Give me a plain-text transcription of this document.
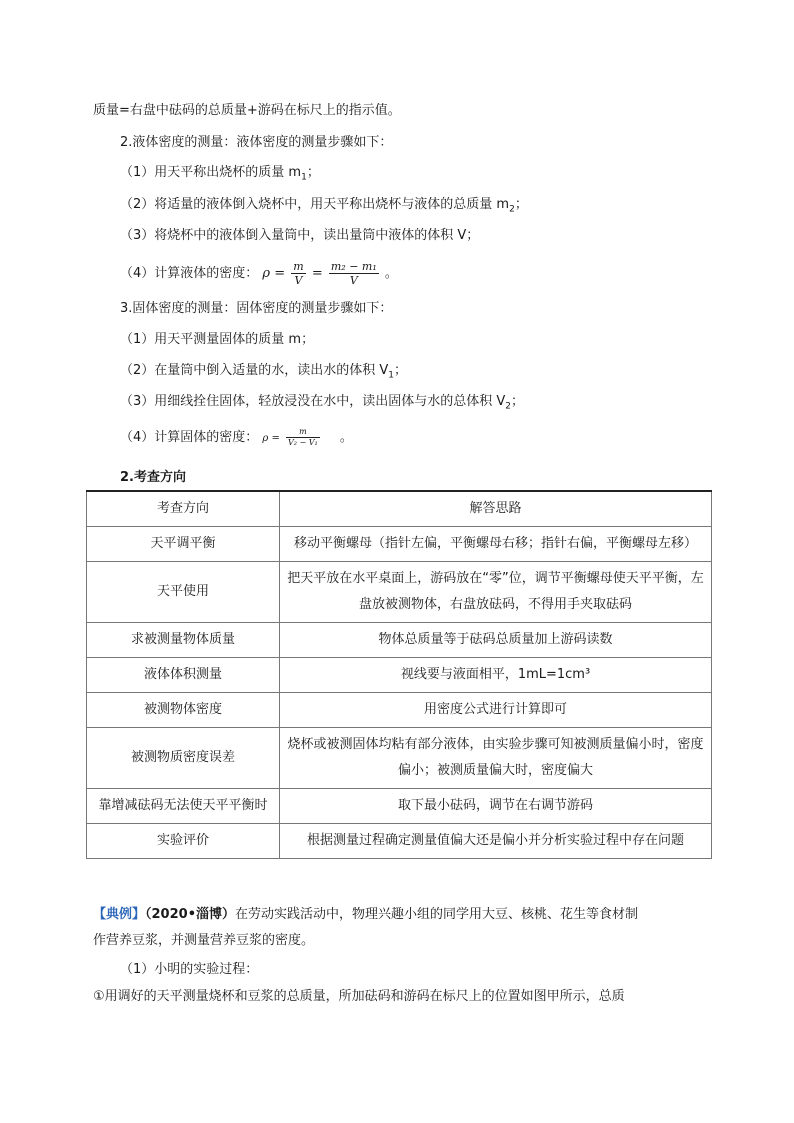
质量=右盘中砝码的总质量+游码在标尺上的指示值。
2.液体密度的测量：液体密度的测量步骤如下：
（1）用天平称出烧杯的质量 $m_1$；
（2）将适量的液体倒入烧杯中，用天平称出烧杯与液体的总质量 $m_2$；
（3）将烧杯中的液体倒入量筒中，读出量筒中液体的体积 V；
（4）计算液体的密度： $\rho = \frac{m}{V} = \frac{\text{m₂ − m₁}}{V}$ 。
3.固体密度的测量：固体密度的测量步骤如下：
（1）用天平测量固体的质量 m；
（2）在量筒中倒入适量的水，读出水的体积 $V_1$；
（3）用细线拴住固体，轻放浸没在水中，读出固体与水的总体积 $V_2$；
（4）计算固体的密度： $\rho = \frac{m}{\text{V₂ − V₁}}$ 。
2.考查方向
考查方向	解答思路
天平调平衡	移动平衡螺母（指针左偏，平衡螺母右移；指针右偏，平衡螺母左移）
天平使用	把天平放在水平桌面上，游码放在“零”位，调节平衡螺母使天平平衡，左盘放被测物体，右盘放砝码，不得用手夹取砝码
求被测量物体质量	物体总质量等于砝码总质量加上游码读数
液体体积测量	视线要与液面相平，1mL=1cm³
被测物体密度	用密度公式进行计算即可
被测物质密度误差	烧杯或被测固体均粘有部分液体，由实验步骤可知被测质量偏小时，密度偏小；被测质量偏大时，密度偏大
靠增减砝码无法使天平平衡时	取下最小砝码，调节在右调节游码
实验评价	根据测量过程确定测量值偏大还是偏小并分析实验过程中存在问题
【典例】（2020•淄博）在劳动实践活动中，物理兴趣小组的同学用大豆、核桃、花生等食材制
作营养豆浆，并测量营养豆浆的密度。
（1）小明的实验过程：
①用调好的天平测量烧杯和豆浆的总质量，所加砝码和游码在标尺上的位置如图甲所示，总质
